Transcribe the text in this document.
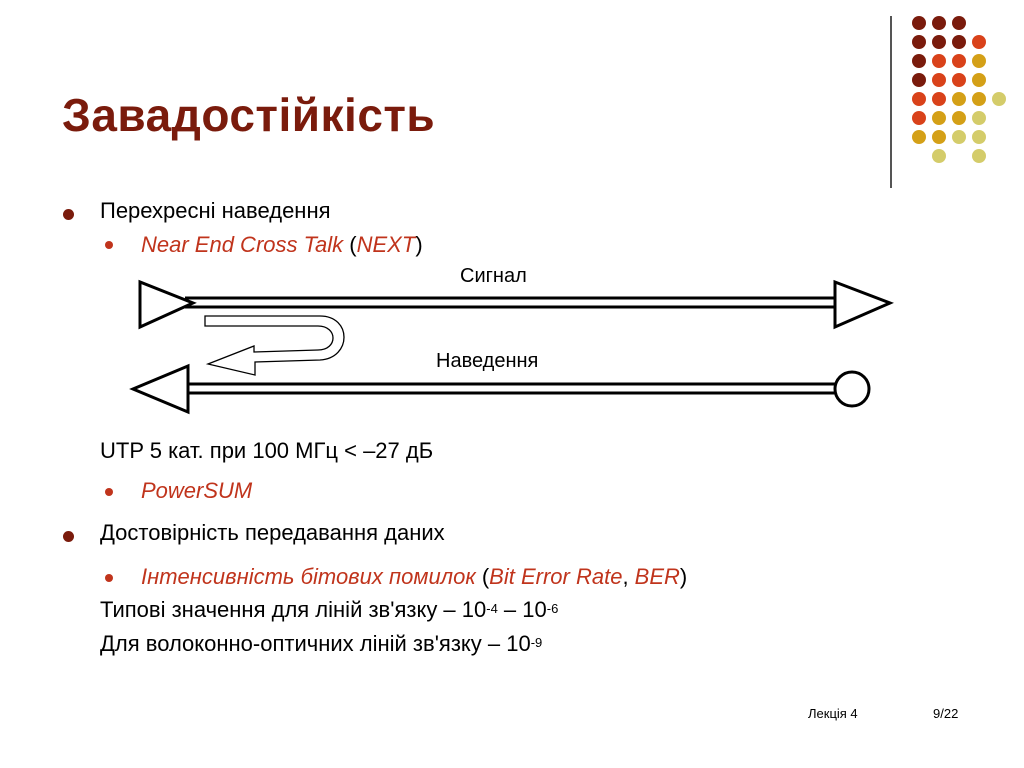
Завадостійкість
Перехресні наведення
Near End Cross Talk (NEXT)
Сигнал
Наведення
UTP 5 кат. при 100 МГц < –27 дБ
PowerSUM
Достовірність передавання даних
Інтенсивність бітових помилок (Bit Error Rate, BER)
Типові значення для ліній зв'язку – $10^{-4} - 10^{-6}$
Для волоконно-оптичних ліній зв'язку – $10^{-9}$
Лекція 4	9/22
